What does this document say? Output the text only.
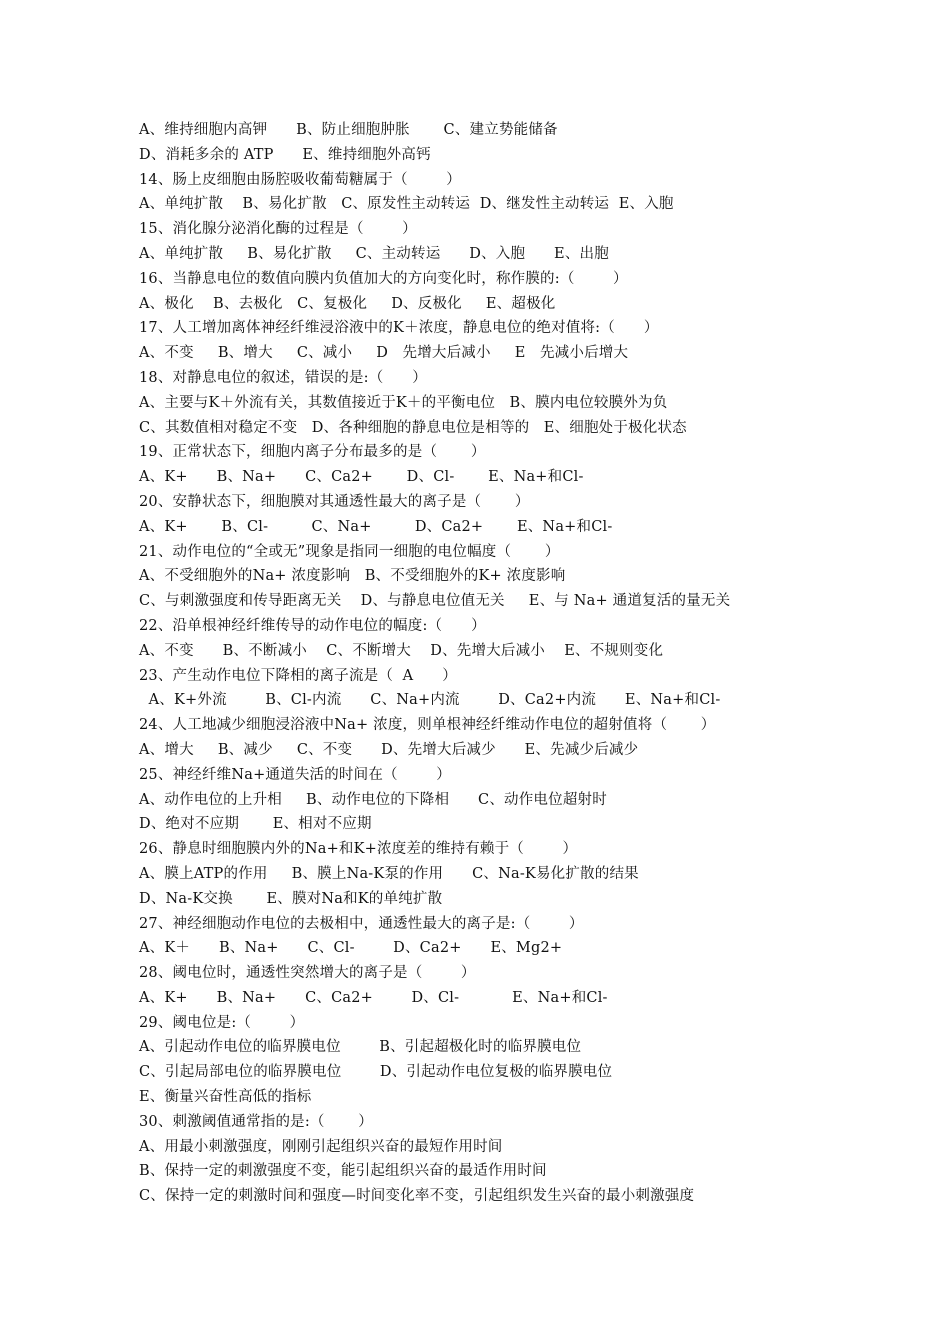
A、维持细胞内高钾      B、防止细胞肿胀       C、建立势能储备
D、消耗多余的 ATP      E、维持细胞外高钙
14、肠上皮细胞由肠腔吸收葡萄糖属于（        ）
A、单纯扩散    B、易化扩散   C、原发性主动转运  D、继发性主动转运  E、入胞
15、消化腺分泌消化酶的过程是（        ）
A、单纯扩散     B、易化扩散     C、主动转运      D、入胞      E、出胞
16、当静息电位的数值向膜内负值加大的方向变化时，称作膜的:（        ）
A、极化    B、去极化   C、复极化     D、反极化     E、超极化
17、人工增加离体神经纤维浸浴液中的K＋浓度，静息电位的绝对值将:（      ）
A、不变     B、增大     C、减小     D   先增大后减小     E   先减小后增大
18、对静息电位的叙述，错误的是:（      ）
A、主要与K＋外流有关，其数值接近于K＋的平衡电位   B、膜内电位较膜外为负
C、其数值相对稳定不变   D、各种细胞的静息电位是相等的   E、细胞处于极化状态
19、正常状态下，细胞内离子分布最多的是（       ）
A、K+      B、Na+      C、Ca2+       D、Cl-       E、Na+和Cl-
20、安静状态下，细胞膜对其通透性最大的离子是（       ）
A、K+       B、Cl-         C、Na+         D、Ca2+       E、Na+和Cl-
21、动作电位的“全或无”现象是指同一细胞的电位幅度（       ）
A、不受细胞外的Na+ 浓度影响   B、不受细胞外的K+ 浓度影响
C、与刺激强度和传导距离无关    D、与静息电位值无关     E、与 Na+ 通道复活的量无关
22、沿单根神经纤维传导的动作电位的幅度:（      ）
A、不变      B、不断减小    C、不断增大    D、先增大后减小    E、不规则变化
23、产生动作电位下降相的离子流是（  A      ）
A、K+外流        B、Cl-内流      C、Na+内流        D、Ca2+内流      E、Na+和Cl-
24、人工地减少细胞浸浴液中Na+ 浓度，则单根神经纤维动作电位的超射值将（       ）
A、增大     B、减少     C、不变      D、先增大后减少      E、先减少后减少
25、神经纤维Na+通道失活的时间在（        ）
A、动作电位的上升相     B、动作电位的下降相      C、动作电位超射时
D、绝对不应期       E、相对不应期
26、静息时细胞膜内外的Na+和K+浓度差的维持有赖于（        ）
A、膜上ATP的作用     B、膜上Na-K泵的作用      C、Na-K易化扩散的结果
D、Na-K交换       E、膜对Na和K的单纯扩散
27、神经细胞动作电位的去极相中，通透性最大的离子是:（        ）
A、K＋      B、Na+      C、Cl-        D、Ca2+      E、Mg2+
28、阈电位时，通透性突然增大的离子是（        ）
A、K+      B、Na+      C、Ca2+        D、Cl-           E、Na+和Cl-
29、阈电位是:（        ）
A、引起动作电位的临界膜电位        B、引起超极化时的临界膜电位
C、引起局部电位的临界膜电位        D、引起动作电位复极的临界膜电位
E、衡量兴奋性高低的指标
30、刺激阈值通常指的是:（       ）
A、用最小刺激强度，刚刚引起组织兴奋的最短作用时间
B、保持一定的刺激强度不变，能引起组织兴奋的最适作用时间
C、保持一定的刺激时间和强度—时间变化率不变，引起组织发生兴奋的最小刺激强度
